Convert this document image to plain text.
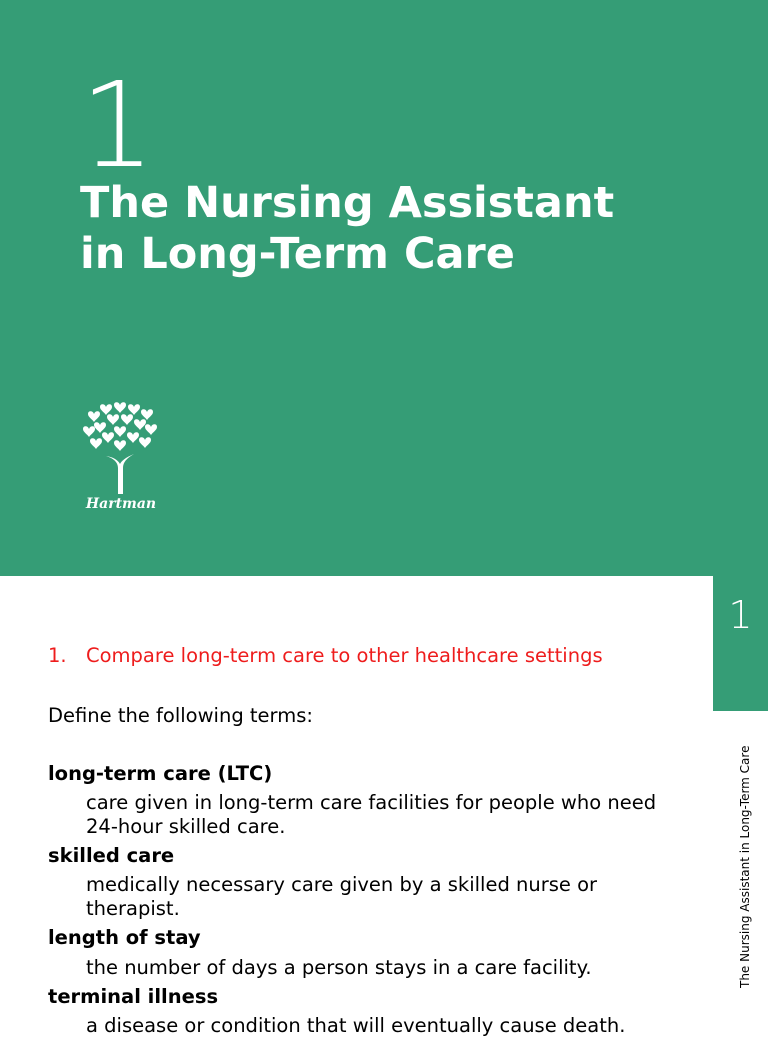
1
The Nursing Assistant
in Long-Term Care
Hartman
1
The Nursing Assistant in Long-Term Care
1. Compare long-term care to other healthcare settings
Define the following terms:
long-term care (LTC)
care given in long-term care facilities for people who need 24-hour skilled care.
skilled care
medically necessary care given by a skilled nurse or therapist.
length of stay
the number of days a person stays in a care facility.
terminal illness
a disease or condition that will eventually cause death.
